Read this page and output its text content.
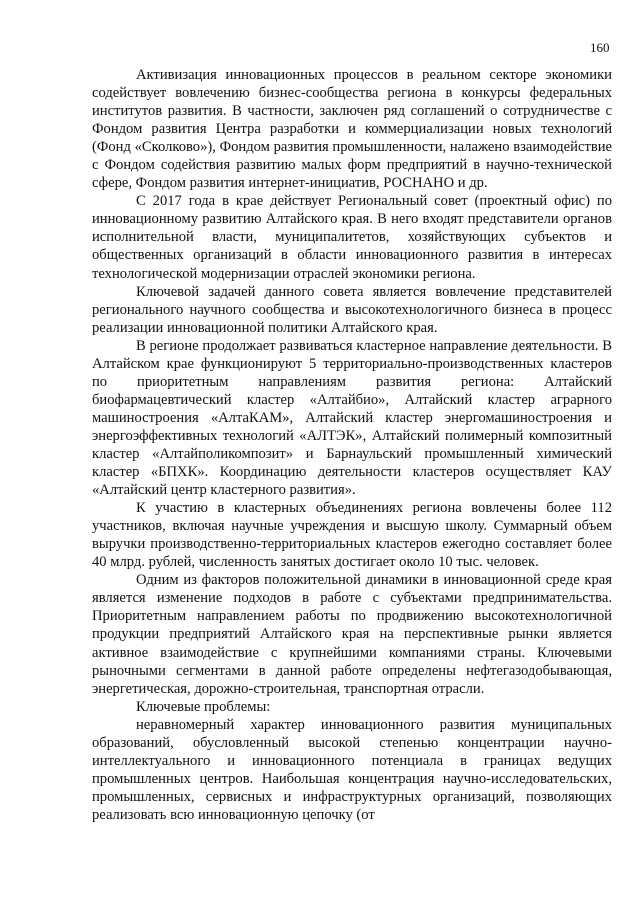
160

Активизация инновационных процессов в реальном секторе экономики содействует вовлечению бизнес-сообщества региона в конкурсы федеральных институтов развития. В частности, заключен ряд соглашений о сотрудничестве с Фондом развития Центра разработки и коммерциализации новых технологий (Фонд «Сколково»), Фондом развития промышленности, налажено взаимодействие с Фондом содействия развитию малых форм предприятий в научно-технической сфере, Фондом развития интернет-инициатив, РОСНАНО и др.

С 2017 года в крае действует Региональный совет (проектный офис) по инновационному развитию Алтайского края. В него входят представители органов исполнительной власти, муниципалитетов, хозяйствующих субъектов и общественных организаций в области инновационного развития в интересах технологической модернизации отраслей экономики региона.

Ключевой задачей данного совета является вовлечение представителей регионального научного сообщества и высокотехнологичного бизнеса в процесс реализации инновационной политики Алтайского края.

В регионе продолжает развиваться кластерное направление деятельности. В Алтайском крае функционируют 5 территориально-производственных кластеров по приоритетным направлениям развития региона: Алтайский биофармацевтический кластер «Алтайбио», Алтайский кластер аграрного машиностроения «АлтаКАМ», Алтайский кластер энергомашиностроения и энергоэффективных технологий «АЛТЭК», Алтайский полимерный композитный кластер «Алтайполикомпозит» и Барнаульский промышленный химический кластер «БПХК». Координацию деятельности кластеров осуществляет КАУ «Алтайский центр кластерного развития».

К участию в кластерных объединениях региона вовлечены более 112 участников, включая научные учреждения и высшую школу. Суммарный объем выручки производственно-территориальных кластеров ежегодно составляет более 40 млрд. рублей, численность занятых достигает около 10 тыс. человек.

Одним из факторов положительной динамики в инновационной среде края является изменение подходов в работе с субъектами предпринимательства. Приоритетным направлением работы по продвижению высокотехнологичной продукции предприятий Алтайского края на перспективные рынки является активное взаимодействие с крупнейшими компаниями страны. Ключевыми рыночными сегментами в данной работе определены нефтегазодобывающая, энергетическая, дорожно-строительная, транспортная отрасли.

Ключевые проблемы:

неравномерный характер инновационного развития муниципальных образований, обусловленный высокой степенью концентрации научно-интеллектуального и инновационного потенциала в границах ведущих промышленных центров. Наибольшая концентрация научно-исследовательских, промышленных, сервисных и инфраструктурных организаций, позволяющих реализовать всю инновационную цепочку (от
